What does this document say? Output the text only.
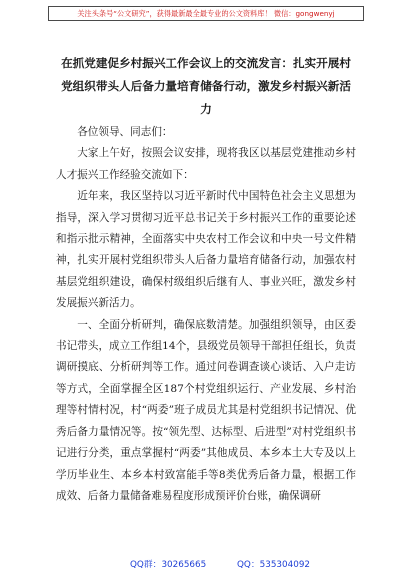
关注头条号“公文研究”，获得最新最全最专业的公文资料库！ 微信：gongwenyj
在抓党建促乡村振兴工作会议上的交流发言：扎实开展村党组织带头人后备力量培育储备行动，激发乡村振兴新活力

各位领导、同志们：

大家上午好，按照会议安排，现将我区以基层党建推动乡村人才振兴工作经验交流如下：

近年来，我区坚持以习近平新时代中国特色社会主义思想为指导，深入学习贯彻习近平总书记关于乡村振兴工作的重要论述和指示批示精神，全面落实中央农村工作会议和中央一号文件精神，扎实开展村党组织带头人后备力量培育储备行动，加强农村基层党组织建设，确保村级组织后继有人、事业兴旺，激发乡村发展振兴新活力。

一、全面分析研判，确保底数清楚。加强组织领导，由区委书记带头，成立工作组14个，县级党员领导干部担任组长，负责调研摸底、分析研判等工作。通过问卷调查谈心谈话、入户走访等方式，全面掌握全区187个村党组织运行、产业发展、乡村治理等村情村况，村“两委”班子成员尤其是村党组织书记情况、优秀后备力量情况等。按“领先型、达标型、后进型”对村党组织书记进行分类，重点掌握村“两委”其他成员、本乡本土大专及以上学历毕业生、本乡本村致富能手等8类优秀后备力量，根据工作成效、后备力量储备难易程度形成预评价台账，确保调研

QQ群：30265665	QQ：535304092
